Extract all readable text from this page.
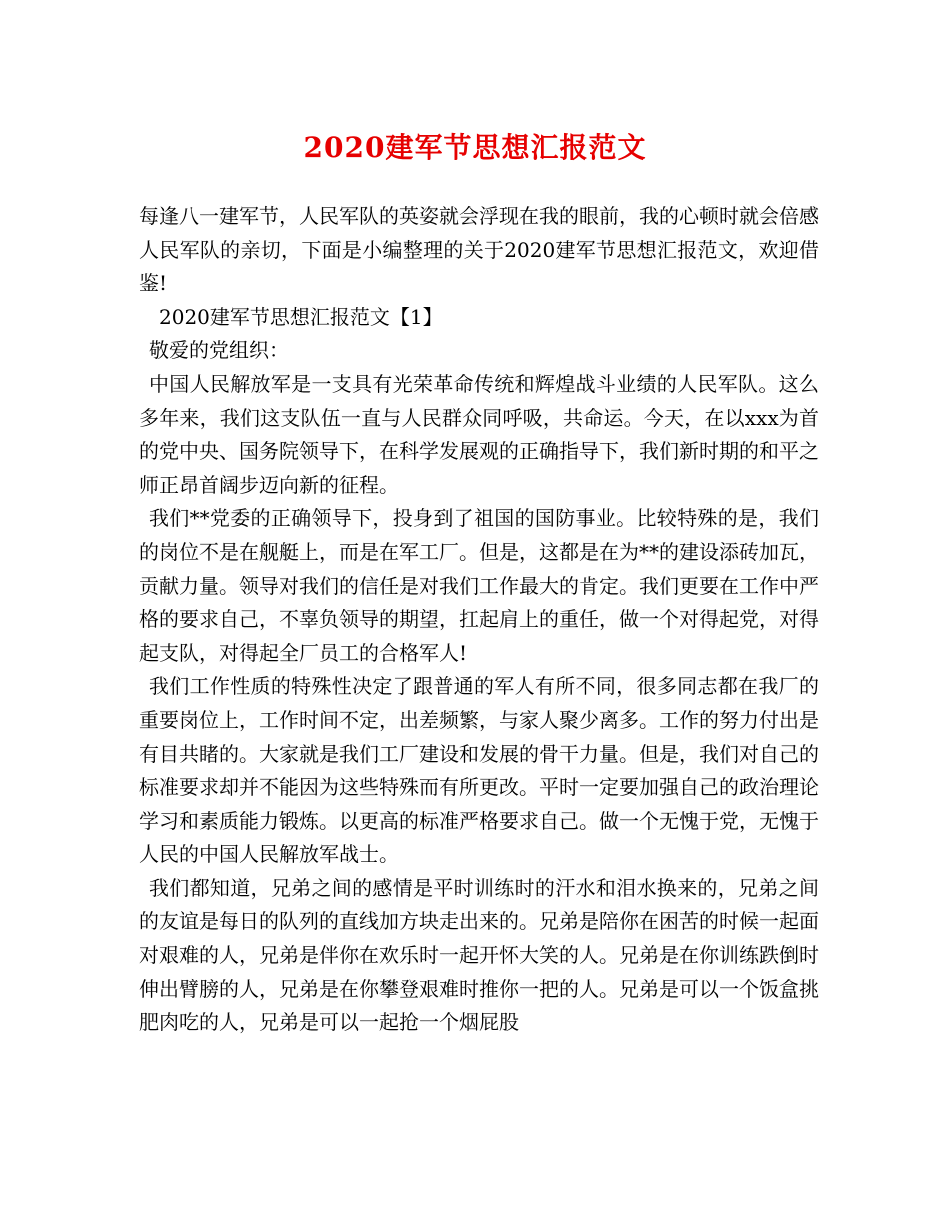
2020建军节思想汇报范文

每逢八一建军节，人民军队的英姿就会浮现在我的眼前，我的心顿时就会倍感人民军队的亲切，下面是小编整理的关于2020建军节思想汇报范文，欢迎借鉴!

2020建军节思想汇报范文【1】

敬爱的党组织：

中国人民解放军是一支具有光荣革命传统和辉煌战斗业绩的人民军队。这么多年来，我们这支队伍一直与人民群众同呼吸，共命运。今天，在以xxx为首的党中央、国务院领导下，在科学发展观的正确指导下，我们新时期的和平之师正昂首阔步迈向新的征程。

我们**党委的正确领导下，投身到了祖国的国防事业。比较特殊的是，我们的岗位不是在舰艇上，而是在军工厂。但是，这都是在为**的建设添砖加瓦，贡献力量。领导对我们的信任是对我们工作最大的肯定。我们更要在工作中严格的要求自己，不辜负领导的期望，扛起肩上的重任，做一个对得起党，对得起支队，对得起全厂员工的合格军人!

我们工作性质的特殊性决定了跟普通的军人有所不同，很多同志都在我厂的重要岗位上，工作时间不定，出差频繁，与家人聚少离多。工作的努力付出是有目共睹的。大家就是我们工厂建设和发展的骨干力量。但是，我们对自己的标准要求却并不能因为这些特殊而有所更改。平时一定要加强自己的政治理论学习和素质能力锻炼。以更高的标准严格要求自己。做一个无愧于党，无愧于人民的中国人民解放军战士。

我们都知道，兄弟之间的感情是平时训练时的汗水和泪水换来的，兄弟之间的友谊是每日的队列的直线加方块走出来的。兄弟是陪你在困苦的时候一起面对艰难的人，兄弟是伴你在欢乐时一起开怀大笑的人。兄弟是在你训练跌倒时伸出臂膀的人，兄弟是在你攀登艰难时推你一把的人。兄弟是可以一个饭盒挑肥肉吃的人，兄弟是可以一起抢一个烟屁股
